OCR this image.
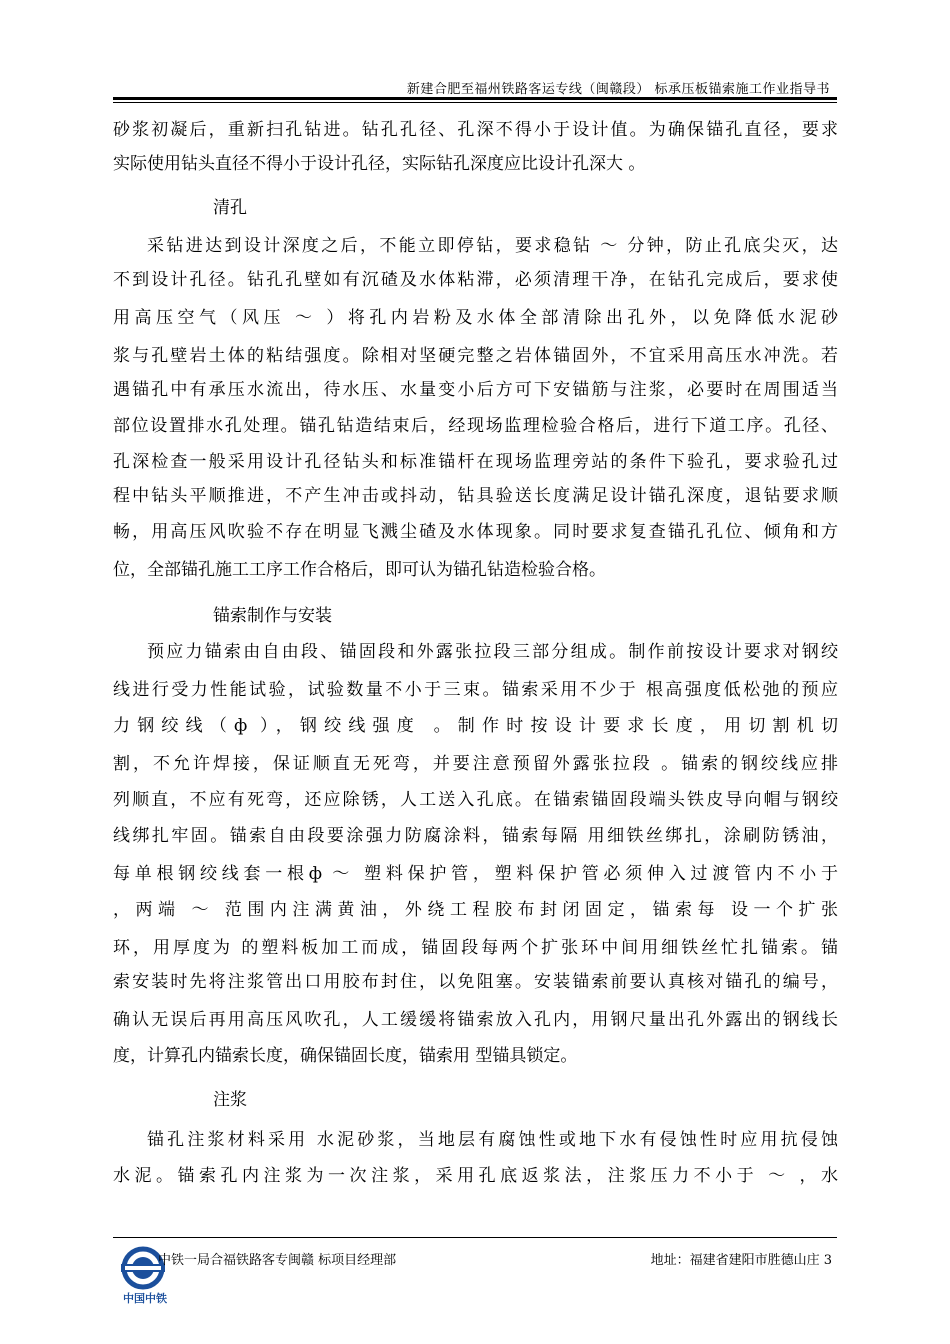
新建合肥至福州铁路客运专线（闽赣段） 标承压板锚索施工作业指导书
砂浆初凝后，重新扫孔钻进。钻孔孔径、孔深不得小于设计值。为确保锚孔直径，要求
实际使用钻头直径不得小于设计孔径，实际钻孔深度应比设计孔深大 。
清孔
采钻进达到设计深度之后，不能立即停钻，要求稳钻 ～ 分钟，防止孔底尖灭，达
不到设计孔径。钻孔孔壁如有沉碴及水体粘滞，必须清理干净，在钻孔完成后，要求使
用高压空气（风压 ～ ）将孔内岩粉及水体全部清除出孔外，以免降低水泥砂
浆与孔壁岩土体的粘结强度。除相对坚硬完整之岩体锚固外，不宜采用高压水冲洗。若
遇锚孔中有承压水流出，待水压、水量变小后方可下安锚筋与注浆，必要时在周围适当
部位设置排水孔处理。锚孔钻造结束后，经现场监理检验合格后，进行下道工序。孔径、
孔深检查一般采用设计孔径钻头和标准锚杆在现场监理旁站的条件下验孔，要求验孔过
程中钻头平顺推进，不产生冲击或抖动，钻具验送长度满足设计锚孔深度，退钻要求顺
畅，用高压风吹验不存在明显飞溅尘碴及水体现象。同时要求复查锚孔孔位、倾角和方
位，全部锚孔施工工序工作合格后，即可认为锚孔钻造检验合格。
锚索制作与安装
预应力锚索由自由段、锚固段和外露张拉段三部分组成。制作前按设计要求对钢绞
线进行受力性能试验，试验数量不小于三束。锚索采用不少于 根高强度低松弛的预应
力钢绞线（ф ），钢绞线强度 。制作时按设计要求长度，用切割机切
割，不允许焊接，保证顺直无死弯，并要注意预留外露张拉段 。锚索的钢绞线应排
列顺直，不应有死弯，还应除锈，人工送入孔底。在锚索锚固段端头铁皮导向帽与钢绞
线绑扎牢固。锚索自由段要涂强力防腐涂料，锚索每隔 用细铁丝绑扎，涂刷防锈油，
每单根钢绞线套一根ф ～ 塑料保护管，塑料保护管必须伸入过渡管内不小于
，两端 ～ 范围内注满黄油，外绕工程胶布封闭固定，锚索每 设一个扩张
环，用厚度为 的塑料板加工而成，锚固段每两个扩张环中间用细铁丝忙扎锚索。锚
索安装时先将注浆管出口用胶布封住，以免阻塞。安装锚索前要认真核对锚孔的编号，
确认无误后再用高压风吹孔，人工缓缓将锚索放入孔内，用钢尺量出孔外露出的钢线长
度，计算孔内锚索长度，确保锚固长度，锚索用 型锚具锁定。
注浆
锚孔注浆材料采用 水泥砂浆，当地层有腐蚀性或地下水有侵蚀性时应用抗侵蚀
水泥。锚索孔内注浆为一次注浆，采用孔底返浆法，注浆压力不小于 ～ ，水
中国中铁
中铁一局合福铁路客专闽赣 标项目经理部	地址：福建省建阳市胜德山庄 3
